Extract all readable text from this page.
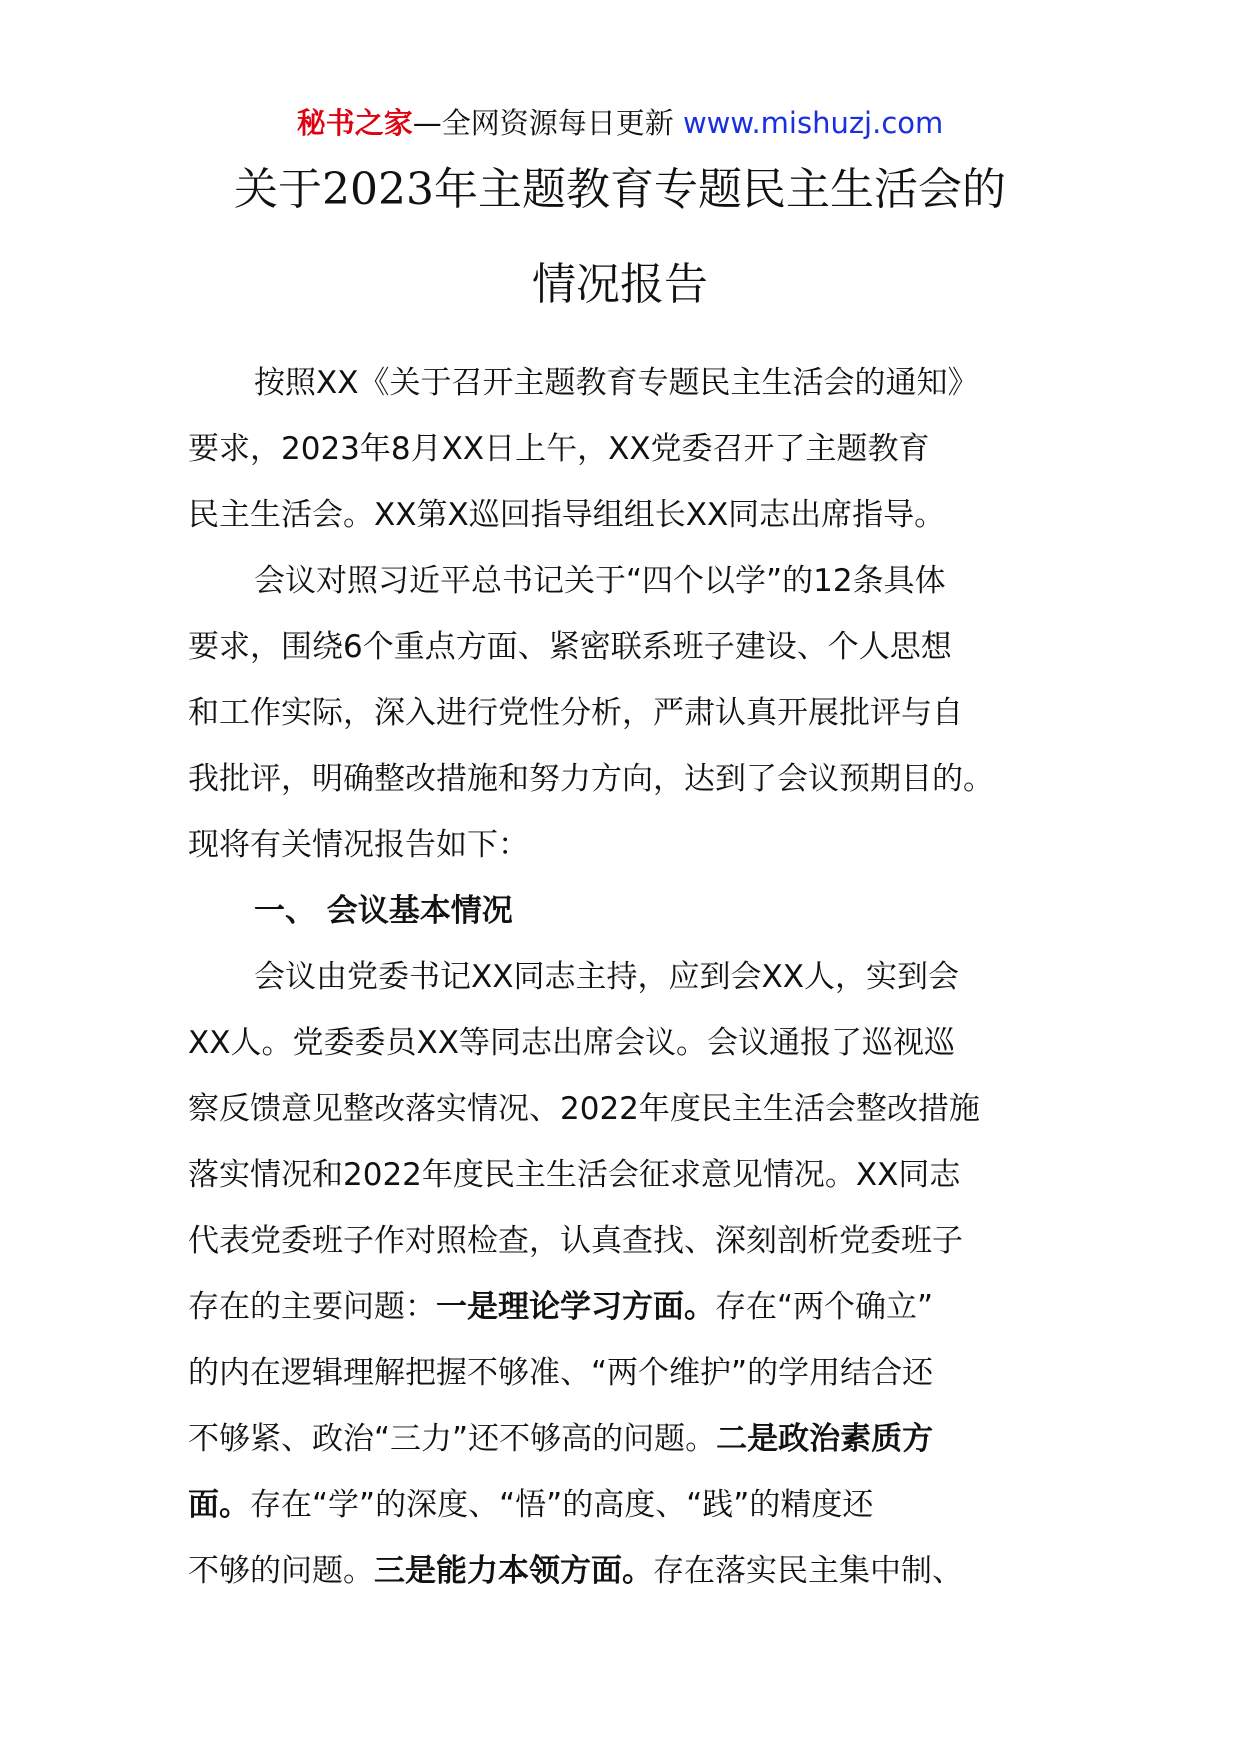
秘书之家—全网资源每日更新 www.mishuzj.com
关于2023年主题教育专题民主生活会的
情况报告
按照XX《关于召开主题教育专题民主生活会的通知》
要求，2023年8月XX日上午，XX党委召开了主题教育
民主生活会。XX第X巡回指导组组长XX同志出席指导。
会议对照习近平总书记关于“四个以学”的12条具体
要求，围绕6个重点方面、紧密联系班子建设、个人思想
和工作实际，深入进行党性分析，严肃认真开展批评与自
我批评，明确整改措施和努力方向，达到了会议预期目的。
现将有关情况报告如下：
一、 会议基本情况
会议由党委书记XX同志主持，应到会XX人，实到会
XX人。党委委员XX等同志出席会议。会议通报了巡视巡
察反馈意见整改落实情况、2022年度民主生活会整改措施
落实情况和2022年度民主生活会征求意见情况。XX同志
代表党委班子作对照检查，认真查找、深刻剖析党委班子
存在的主要问题：一是理论学习方面。存在“两个确立”
的内在逻辑理解把握不够准、“两个维护”的学用结合还
不够紧、政治“三力”还不够高的问题。二是政治素质方
面。存在“学”的深度、“悟”的高度、“践”的精度还
不够的问题。三是能力本领方面。存在落实民主集中制、
